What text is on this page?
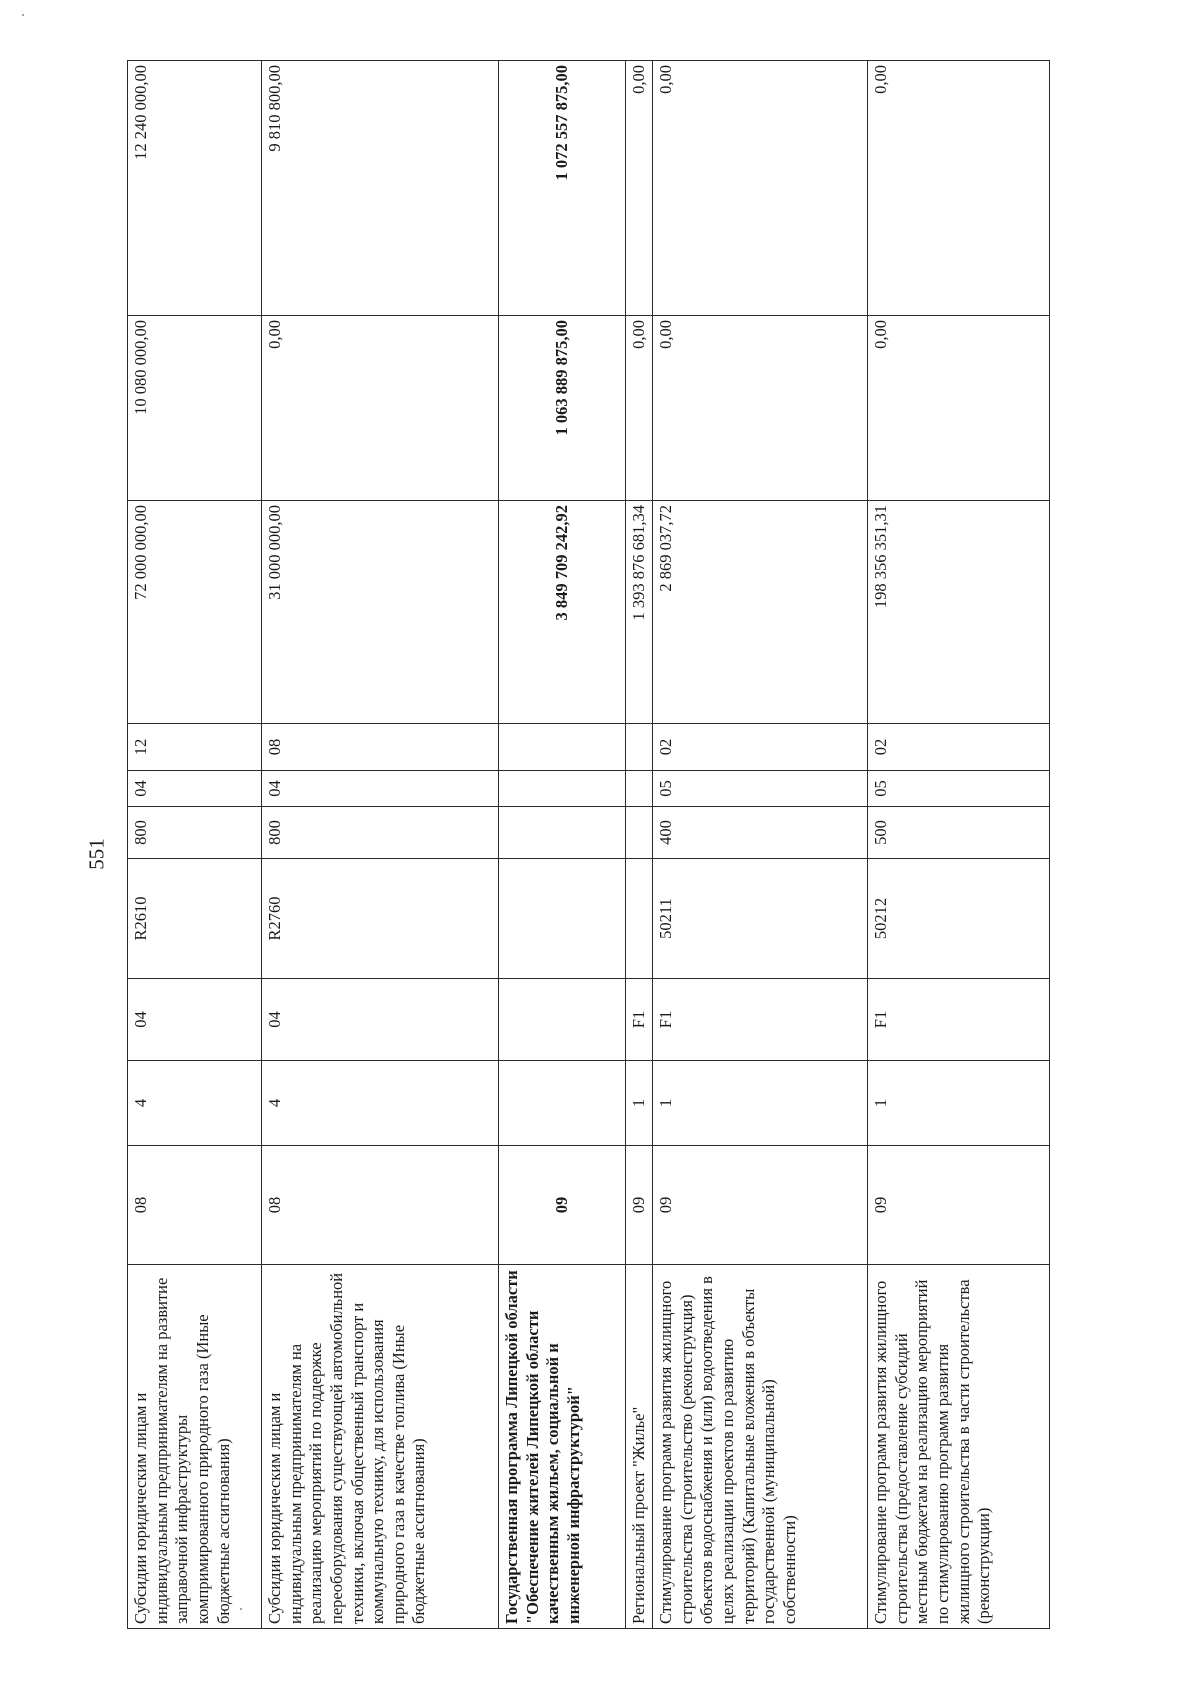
551
Субсидии юридическим лицам и индивидуальным предпринимателям на развитие заправочной инфраструктуры компримированного природного газа (Иные бюджетные ассигнования)	08	4	04	R2610	800	04	12	72 000 000,00	10 080 000,00	12 240 000,00
Субсидии юридическим лицам и индивидуальным предпринимателям на реализацию мероприятий по поддержке переоборудования существующей автомобильной техники, включая общественный транспорт и коммунальную технику, для использования природного газа в качестве топлива (Иные бюджетные ассигнования)	08	4	04	R2760	800	04	08	31 000 000,00	0,00	9 810 800,00
Государственная программа Липецкой области "Обеспечение жителей Липецкой области качественным жильем, социальной и инженерной инфраструктурой"	09							3 849 709 242,92	1 063 889 875,00	1 072 557 875,00
Региональный проект "Жилье"	09	1	F1					1 393 876 681,34	0,00	0,00
Стимулирование программ развития жилищного строительства (строительство (реконструкция) объектов водоснабжения и (или) водоотведения в целях реализации проектов по развитию территорий) (Капитальные вложения в объекты государственной (муниципальной) собственности)	09	1	F1	50211	400	05	02	2 869 037,72	0,00	0,00
Стимулирование программ развития жилищного строительства (предоставление субсидий местным бюджетам на реализацию мероприятий по стимулированию программ развития жилищного строительства в части строительства (реконструкции)	09	1	F1	50212	500	05	02	198 356 351,31	0,00	0,00
